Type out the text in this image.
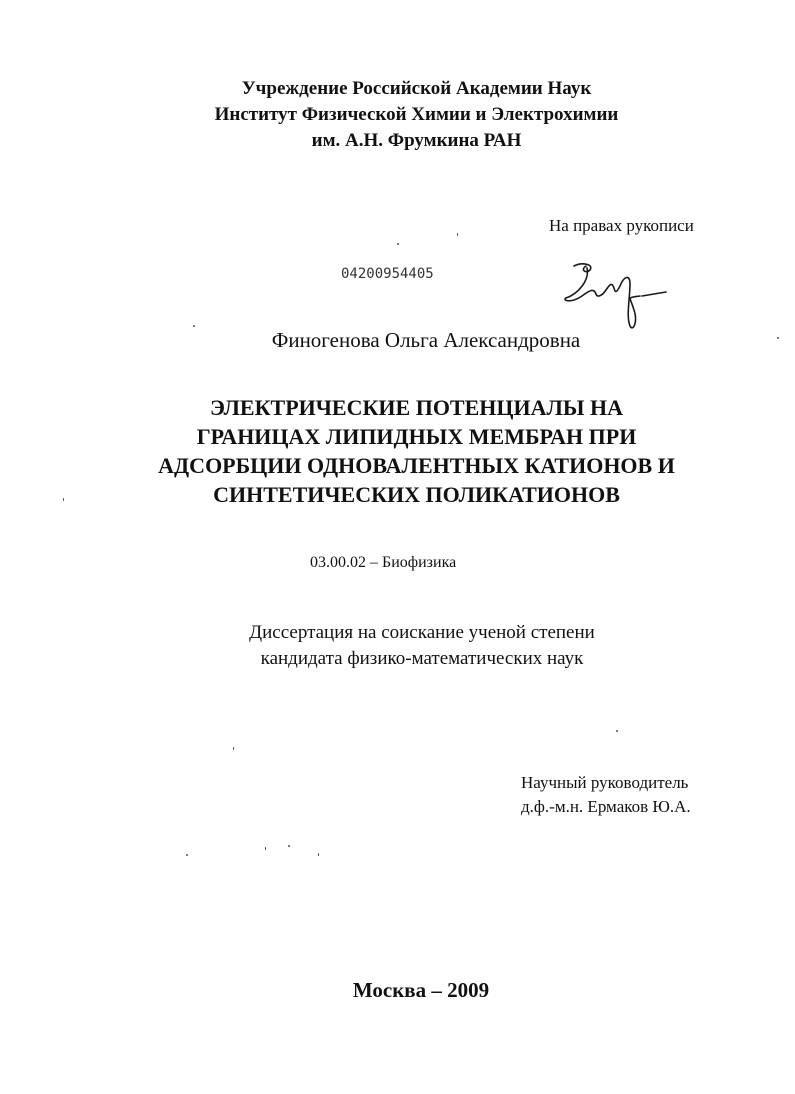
Учреждение Российской Академии Наук
Институт Физической Химии и Электрохимии
им. А.Н. Фрумкина РАН
На правах рукописи
04200954405
Финогенова Ольга Александровна
ЭЛЕКТРИЧЕСКИЕ ПОТЕНЦИАЛЫ НА
ГРАНИЦАХ ЛИПИДНЫХ МЕМБРАН ПРИ
АДСОРБЦИИ ОДНОВАЛЕНТНЫХ КАТИОНОВ И
СИНТЕТИЧЕСКИХ ПОЛИКАТИОНОВ
03.00.02 – Биофизика
Диссертация на соискание ученой степени
кандидата физико-математических наук
Научный руководитель
д.ф.-м.н. Ермаков Ю.А.
Москва – 2009
